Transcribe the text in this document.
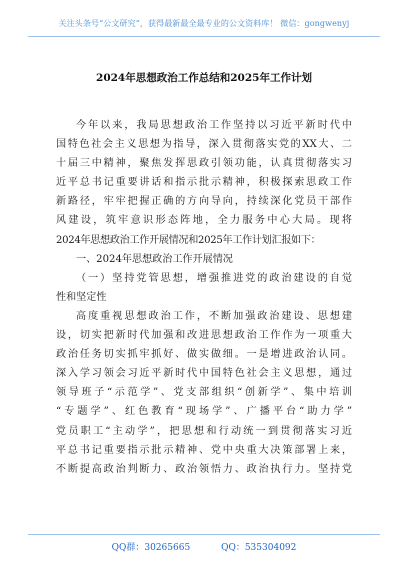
关注头条号“公文研究”，获得最新最全最专业的公文资料库！ 微信：gongwenyj
2024年思想政治工作总结和2025年工作计划
今年以来，我局思想政治工作坚持以习近平新时代中
国特色社会主义思想为指导，深入贯彻落实党的XX大、二
十届三中精神，聚焦发挥思政引领功能，认真贯彻落实习
近平总书记重要讲话和指示批示精神，积极探索思政工作
新路径，牢牢把握正确的方向导向，持续深化党员干部作
风建设，筑牢意识形态阵地，全力服务中心大局。现将
2024年思想政治工作开展情况和2025年工作计划汇报如下：
一、2024年思想政治工作开展情况
（一）坚持党管思想，增强推进党的政治建设的自觉
性和坚定性
高度重视思想政治工作，不断加强政治建设、思想建
设，切实把新时代加强和改进思想政治工作作为一项重大
政治任务切实抓牢抓好、做实做细。一是增进政治认同。
深入学习领会习近平新时代中国特色社会主义思想，通过
领导班子“示范学”、党支部组织“创新学”、集中培训
“专题学”、红色教育“现场学”、广播平台“助力学”
党员职工“主动学”，把思想和行动统一到贯彻落实习近
平总书记重要指示批示精神、党中央重大决策部署上来，
不断提高政治判断力、政治领悟力、政治执行力。坚持党
QQ群：30265665	QQ：535304092
